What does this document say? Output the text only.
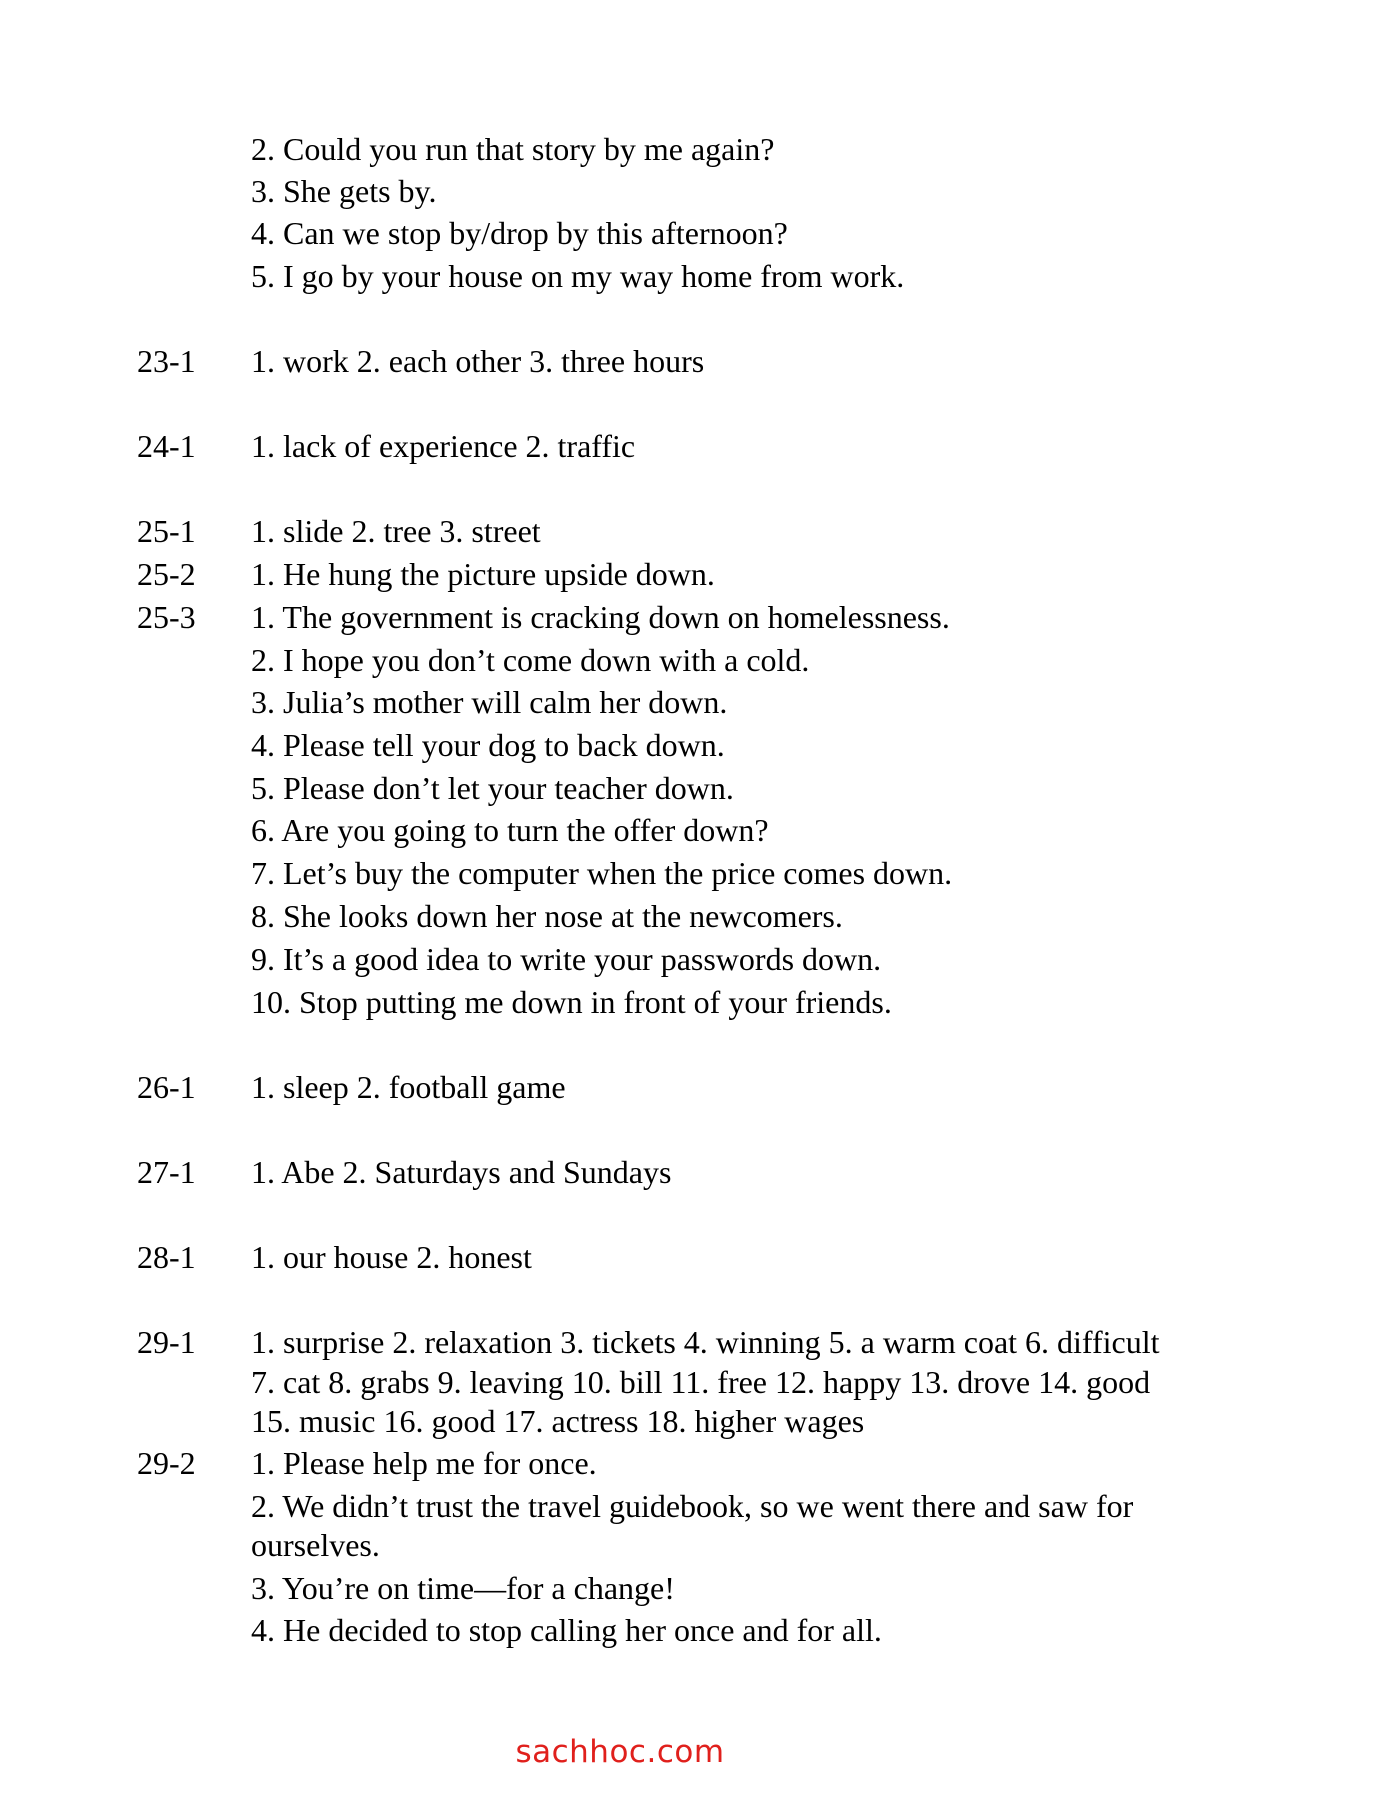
2. Could you run that story by me again?
3. She gets by.
4. Can we stop by/drop by this afternoon?
5. I go by your house on my way home from work.
23-1 1. work 2. each other 3. three hours
24-1 1. lack of experience 2. traffic
25-1 1. slide 2. tree 3. street
25-2 1. He hung the picture upside down.
25-3 1. The government is cracking down on homelessness.
2. I hope you don’t come down with a cold.
3. Julia’s mother will calm her down.
4. Please tell your dog to back down.
5. Please don’t let your teacher down.
6. Are you going to turn the offer down?
7. Let’s buy the computer when the price comes down.
8. She looks down her nose at the newcomers.
9. It’s a good idea to write your passwords down.
10. Stop putting me down in front of your friends.
26-1 1. sleep 2. football game
27-1 1. Abe 2. Saturdays and Sundays
28-1 1. our house 2. honest
29-1 1. surprise 2. relaxation 3. tickets 4. winning 5. a warm coat 6. difficult
7. cat 8. grabs 9. leaving 10. bill 11. free 12. happy 13. drove 14. good
15. music 16. good 17. actress 18. higher wages
29-2 1. Please help me for once.
2. We didn’t trust the travel guidebook, so we went there and saw for
ourselves.
3. You’re on time—for a change!
4. He decided to stop calling her once and for all.
sachhoc.com
